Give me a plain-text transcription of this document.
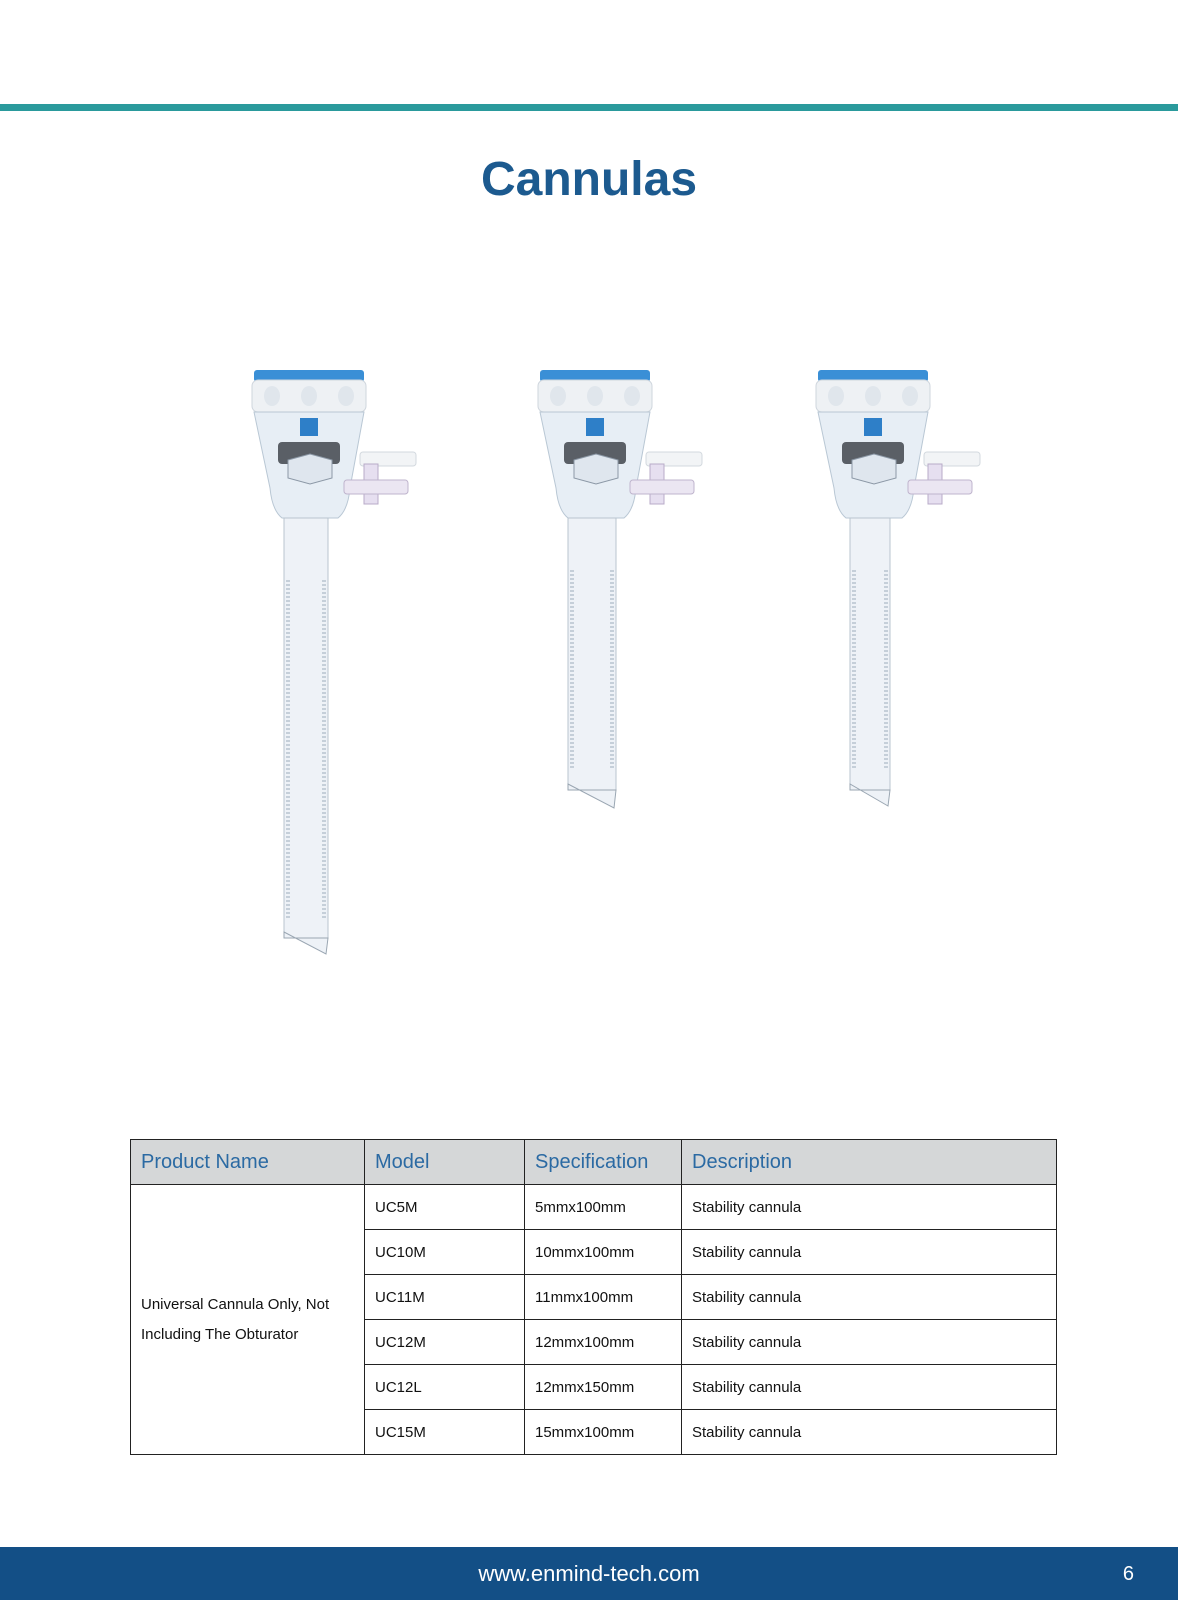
Cannulas
Product Name	Model	Specification	Description
Universal Cannula Only, Not Including The Obturator	UC5M	5mmx100mm	Stability cannula
	UC10M	10mmx100mm	Stability cannula
	UC11M	11mmx100mm	Stability cannula
	UC12M	12mmx100mm	Stability cannula
	UC12L	12mmx150mm	Stability cannula
	UC15M	15mmx100mm	Stability cannula
www.enmind-tech.com	6
